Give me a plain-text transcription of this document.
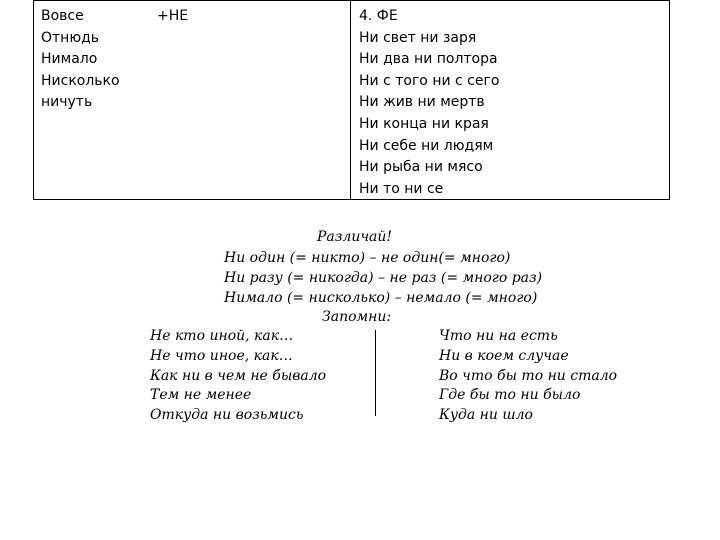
Вовсе
Отнюдь
Нимало
Нисколько
ничуть
+НЕ	4. ФЕ
Ни свет ни заря
Ни два ни полтора
Ни с того ни с сего
Ни жив ни мертв
Ни конца ни края
Ни себе ни людям
Ни рыба ни мясо
Ни то ни се
Различай!
Ни один (= никто) – не один(= много)
Ни разу (= никогда) – не раз (= много раз)
Нимало (= нисколько) – немало (= много)
Запомни:
Не кто иной, как…
Не что иное, как…
Как ни в чем не бывало
Тем не менее
Откуда ни возьмись
Что ни на есть
Ни в коем случае
Во что бы то ни стало
Где бы то ни было
Куда ни шло
